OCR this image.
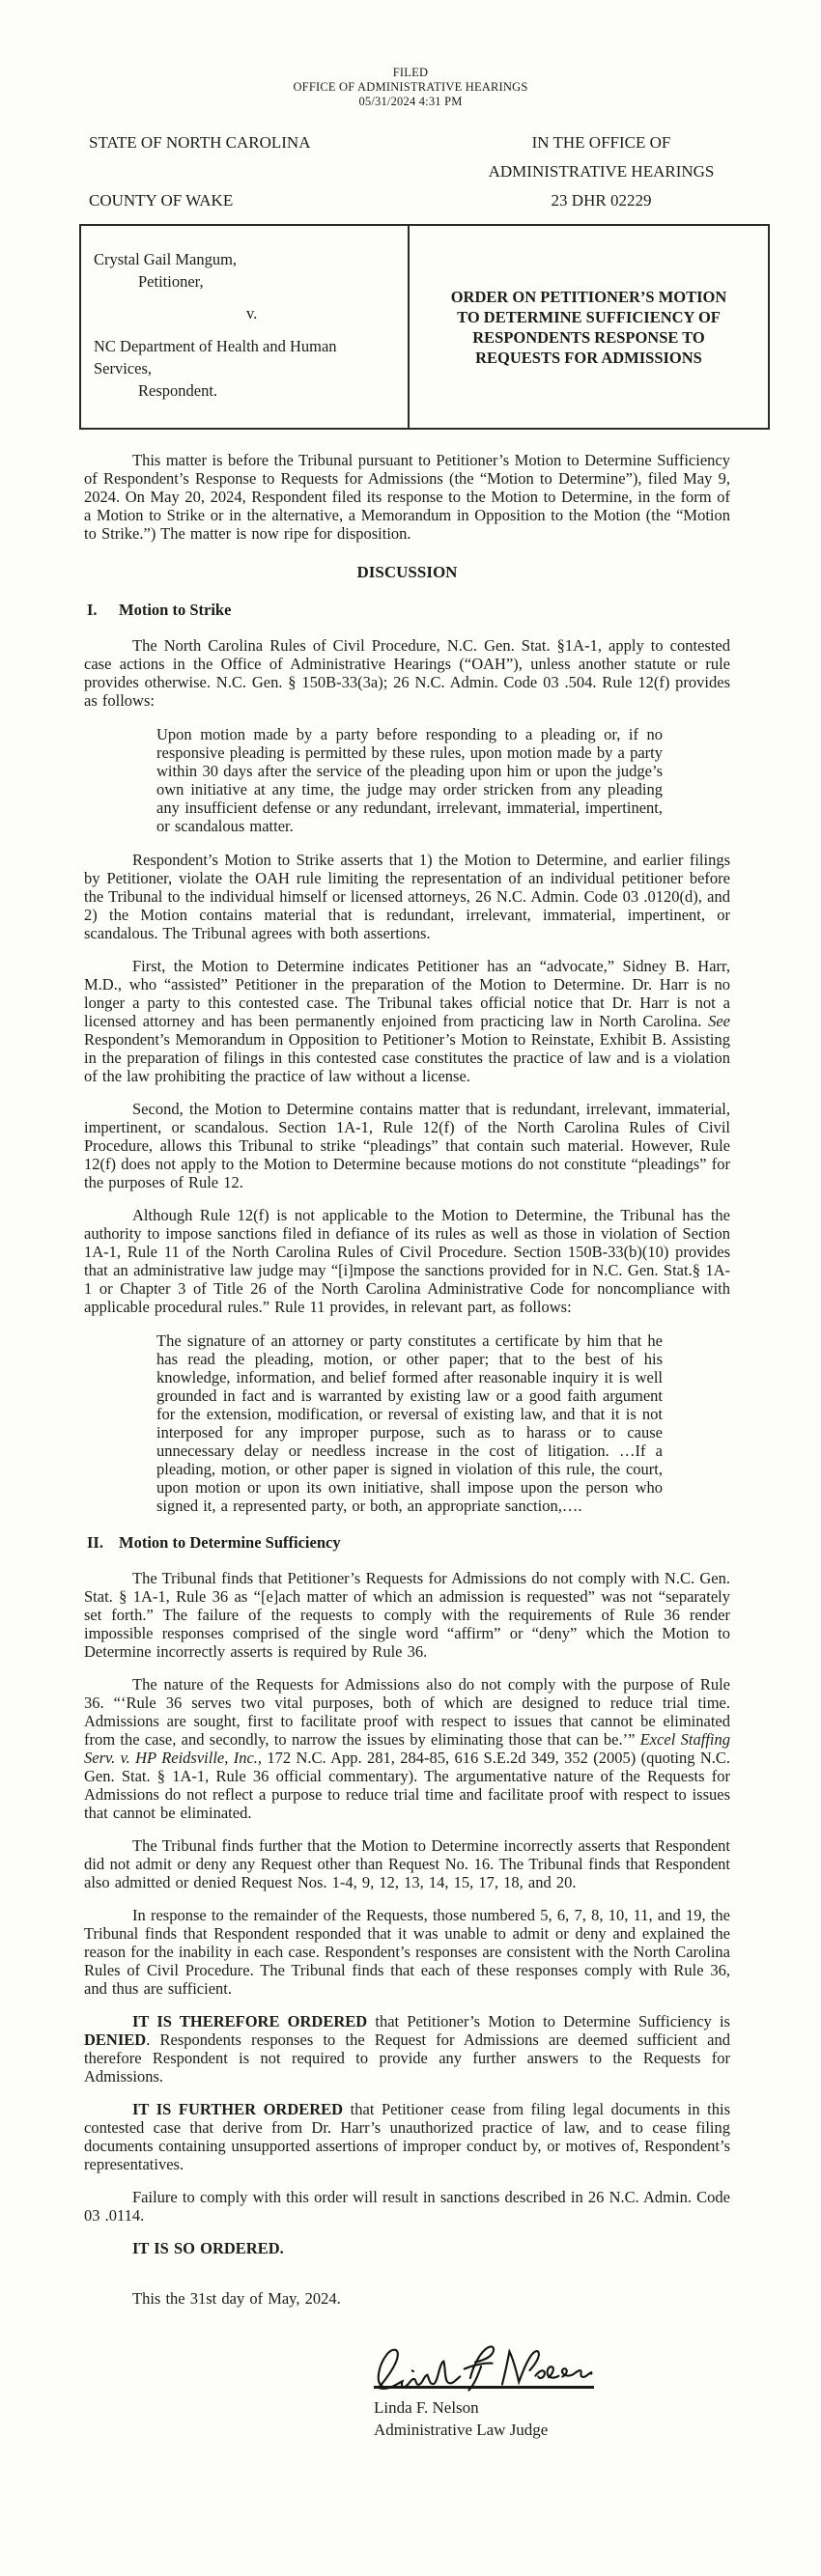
FILED
OFFICE OF ADMINISTRATIVE HEARINGS
05/31/2024 4:31 PM
STATE OF NORTH CAROLINA
COUNTY OF WAKE
IN THE OFFICE OF
ADMINISTRATIVE HEARINGS
23 DHR 02229
Crystal Gail Mangum,
Petitioner,
v.
NC Department of Health and Human
Services,
Respondent.
ORDER ON PETITIONER’S MOTION
TO DETERMINE SUFFICIENCY OF
RESPONDENTS RESPONSE TO
REQUESTS FOR ADMISSIONS

This matter is before the Tribunal pursuant to Petitioner’s Motion to Determine Sufficiency of Respondent’s Response to Requests for Admissions (the “Motion to Determine”), filed May 9, 2024. On May 20, 2024, Respondent filed its response to the Motion to Determine, in the form of a Motion to Strike or in the alternative, a Memorandum in Opposition to the Motion (the “Motion to Strike.”) The matter is now ripe for disposition.

DISCUSSION
I.	Motion to Strike

The North Carolina Rules of Civil Procedure, N.C. Gen. Stat. §1A-1, apply to contested case actions in the Office of Administrative Hearings (“OAH”), unless another statute or rule provides otherwise. N.C. Gen. § 150B-33(3a); 26 N.C. Admin. Code 03 .504. Rule 12(f) provides as follows:

Upon motion made by a party before responding to a pleading or, if no responsive pleading is permitted by these rules, upon motion made by a party within 30 days after the service of the pleading upon him or upon the judge’s own initiative at any time, the judge may order stricken from any pleading any insufficient defense or any redundant, irrelevant, immaterial, impertinent, or scandalous matter.

Respondent’s Motion to Strike asserts that 1) the Motion to Determine, and earlier filings by Petitioner, violate the OAH rule limiting the representation of an individual petitioner before the Tribunal to the individual himself or licensed attorneys, 26 N.C. Admin. Code 03 .0120(d), and 2) the Motion contains material that is redundant, irrelevant, immaterial, impertinent, or scandalous. The Tribunal agrees with both assertions.

First, the Motion to Determine indicates Petitioner has an “advocate,” Sidney B. Harr, M.D., who “assisted” Petitioner in the preparation of the Motion to Determine. Dr. Harr is no longer a party to this contested case. The Tribunal takes official notice that Dr. Harr is not a licensed attorney and has been permanently enjoined from practicing law in North Carolina. See Respondent’s Memorandum in Opposition to Petitioner’s Motion to Reinstate, Exhibit B. Assisting in the preparation of filings in this contested case constitutes the practice of law and is a violation of the law prohibiting the practice of law without a license.

Second, the Motion to Determine contains matter that is redundant, irrelevant, immaterial, impertinent, or scandalous. Section 1A-1, Rule 12(f) of the North Carolina Rules of Civil Procedure, allows this Tribunal to strike “pleadings” that contain such material. However, Rule 12(f) does not apply to the Motion to Determine because motions do not constitute “pleadings” for the purposes of Rule 12.

Although Rule 12(f) is not applicable to the Motion to Determine, the Tribunal has the authority to impose sanctions filed in defiance of its rules as well as those in violation of Section 1A-1, Rule 11 of the North Carolina Rules of Civil Procedure. Section 150B-33(b)(10) provides that an administrative law judge may “[i]mpose the sanctions provided for in N.C. Gen. Stat.§ 1A-1 or Chapter 3 of Title 26 of the North Carolina Administrative Code for noncompliance with applicable procedural rules.” Rule 11 provides, in relevant part, as follows:

The signature of an attorney or party constitutes a certificate by him that he has read the pleading, motion, or other paper; that to the best of his knowledge, information, and belief formed after reasonable inquiry it is well grounded in fact and is warranted by existing law or a good faith argument for the extension, modification, or reversal of existing law, and that it is not interposed for any improper purpose, such as to harass or to cause unnecessary delay or needless increase in the cost of litigation. …If a pleading, motion, or other paper is signed in violation of this rule, the court, upon motion or upon its own initiative, shall impose upon the person who signed it, a represented party, or both, an appropriate sanction,….
II. Motion to Determine Sufficiency

The Tribunal finds that Petitioner’s Requests for Admissions do not comply with N.C. Gen. Stat. § 1A-1, Rule 36 as “[e]ach matter of which an admission is requested” was not “separately set forth.” The failure of the requests to comply with the requirements of Rule 36 render impossible responses comprised of the single word “affirm” or “deny” which the Motion to Determine incorrectly asserts is required by Rule 36.

The nature of the Requests for Admissions also do not comply with the purpose of Rule 36. “‘Rule 36 serves two vital purposes, both of which are designed to reduce trial time. Admissions are sought, first to facilitate proof with respect to issues that cannot be eliminated from the case, and secondly, to narrow the issues by eliminating those that can be.’” Excel Staffing Serv. v. HP Reidsville, Inc., 172 N.C. App. 281, 284-85, 616 S.E.2d 349, 352 (2005) (quoting N.C. Gen. Stat. § 1A-1, Rule 36 official commentary). The argumentative nature of the Requests for Admissions do not reflect a purpose to reduce trial time and facilitate proof with respect to issues that cannot be eliminated.

The Tribunal finds further that the Motion to Determine incorrectly asserts that Respondent did not admit or deny any Request other than Request No. 16. The Tribunal finds that Respondent also admitted or denied Request Nos. 1-4, 9, 12, 13, 14, 15, 17, 18, and 20.

In response to the remainder of the Requests, those numbered 5, 6, 7, 8, 10, 11, and 19, the Tribunal finds that Respondent responded that it was unable to admit or deny and explained the reason for the inability in each case. Respondent’s responses are consistent with the North Carolina Rules of Civil Procedure. The Tribunal finds that each of these responses comply with Rule 36, and thus are sufficient.

IT IS THEREFORE ORDERED that Petitioner’s Motion to Determine Sufficiency is DENIED. Respondents responses to the Request for Admissions are deemed sufficient and therefore Respondent is not required to provide any further answers to the Requests for Admissions.

IT IS FURTHER ORDERED that Petitioner cease from filing legal documents in this contested case that derive from Dr. Harr’s unauthorized practice of law, and to cease filing documents containing unsupported assertions of improper conduct by, or motives of, Respondent’s representatives.

Failure to comply with this order will result in sanctions described in 26 N.C. Admin. Code 03 .0114.

IT IS SO ORDERED.

This the 31st day of May, 2024.

Linda F. Nelson
Administrative Law Judge
